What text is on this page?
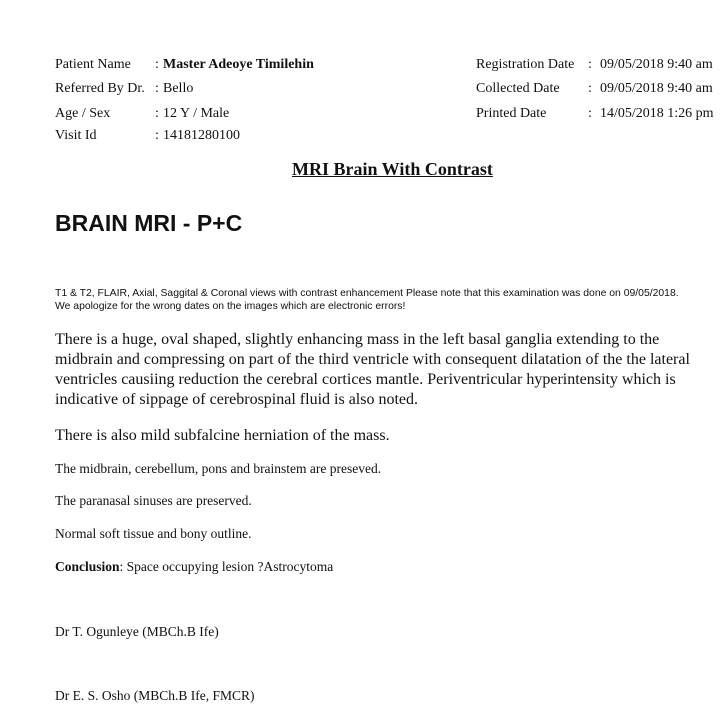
Patient Name : Master Adeoye Timilehin
Referred By Dr. : Bello
Age / Sex	: 12 Y / Male
Visit Id	: 14181280100
Registration Date : 09/05/2018 9:40 am
Collected Date : 09/05/2018 9:40 am
Printed Date	: 14/05/2018 1:26 pm
MRI Brain With Contrast
BRAIN MRI - P+C
T1 & T2, FLAIR, Axial, Saggital & Coronal views with contrast enhancement Please note that this examination was done on 09/05/2018.
We apologize for the wrong dates on the images which are electronic errors!
There is a huge, oval shaped, slightly enhancing mass in the left basal ganglia extending to the
midbrain and compressing on part of the third ventricle with consequent dilatation of the the lateral
ventricles causiing reduction the cerebral cortices mantle. Periventricular hyperintensity which is
indicative of sippage of cerebrospinal fluid is also noted.
There is also mild subfalcine herniation of the mass.
The midbrain, cerebellum, pons and brainstem are preseved.
The paranasal sinuses are preserved.
Normal soft tissue and bony outline.
Conclusion: Space occupying lesion ?Astrocytoma
Dr T. Ogunleye (MBCh.B Ife)
Dr E. S. Osho (MBCh.B Ife, FMCR)
